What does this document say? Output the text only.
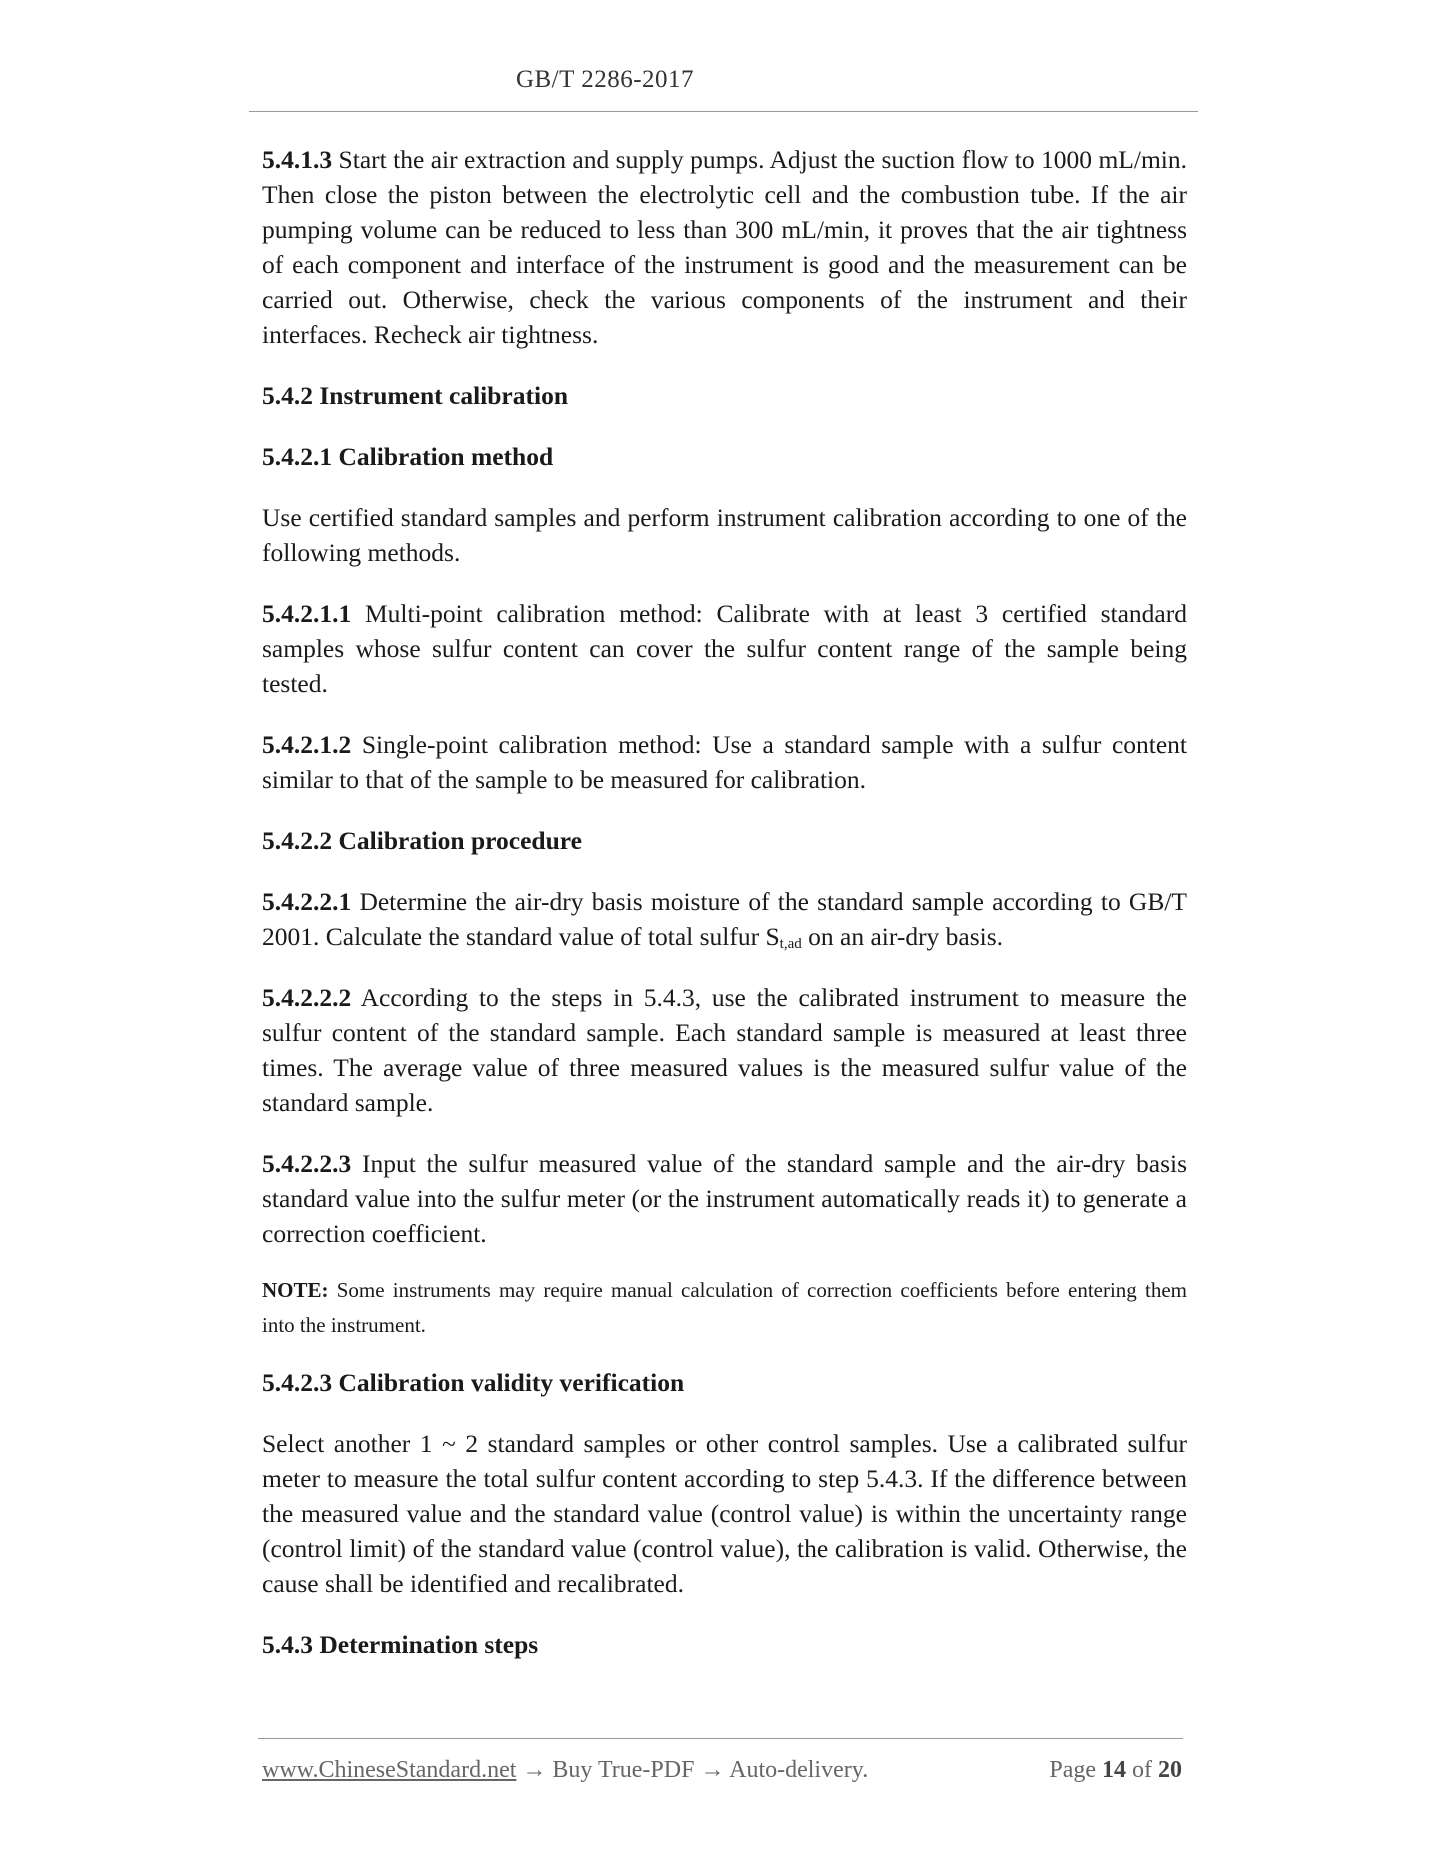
GB/T 2286-2017

5.4.1.3 Start the air extraction and supply pumps. Adjust the suction flow to 1000 mL/min. Then close the piston between the electrolytic cell and the combustion tube. If the air pumping volume can be reduced to less than 300 mL/min, it proves that the air tightness of each component and interface of the instrument is good and the measurement can be carried out. Otherwise, check the various components of the instrument and their interfaces. Recheck air tightness.

5.4.2 Instrument calibration
5.4.2.1 Calibration method

Use certified standard samples and perform instrument calibration according to one of the following methods.

5.4.2.1.1 Multi-point calibration method: Calibrate with at least 3 certified standard samples whose sulfur content can cover the sulfur content range of the sample being tested.

5.4.2.1.2 Single-point calibration method: Use a standard sample with a sulfur content similar to that of the sample to be measured for calibration.

5.4.2.2 Calibration procedure

5.4.2.2.1 Determine the air-dry basis moisture of the standard sample according to GB/T 2001. Calculate the standard value of total sulfur $S_{t,ad}$ on an air-dry basis.

5.4.2.2.2 According to the steps in 5.4.3, use the calibrated instrument to measure the sulfur content of the standard sample. Each standard sample is measured at least three times. The average value of three measured values is the measured sulfur value of the standard sample.

5.4.2.2.3 Input the sulfur measured value of the standard sample and the air-dry basis standard value into the sulfur meter (or the instrument automatically reads it) to generate a correction coefficient.

NOTE: Some instruments may require manual calculation of correction coefficients before entering them into the instrument.

5.4.2.3 Calibration validity verification

Select another 1 ~ 2 standard samples or other control samples. Use a calibrated sulfur meter to measure the total sulfur content according to step 5.4.3. If the difference between the measured value and the standard value (control value) is within the uncertainty range (control limit) of the standard value (control value), the calibration is valid. Otherwise, the cause shall be identified and recalibrated.

5.4.3 Determination steps
www.ChineseStandard.net → Buy True-PDF → Auto-delivery.	Page 14 of 20
